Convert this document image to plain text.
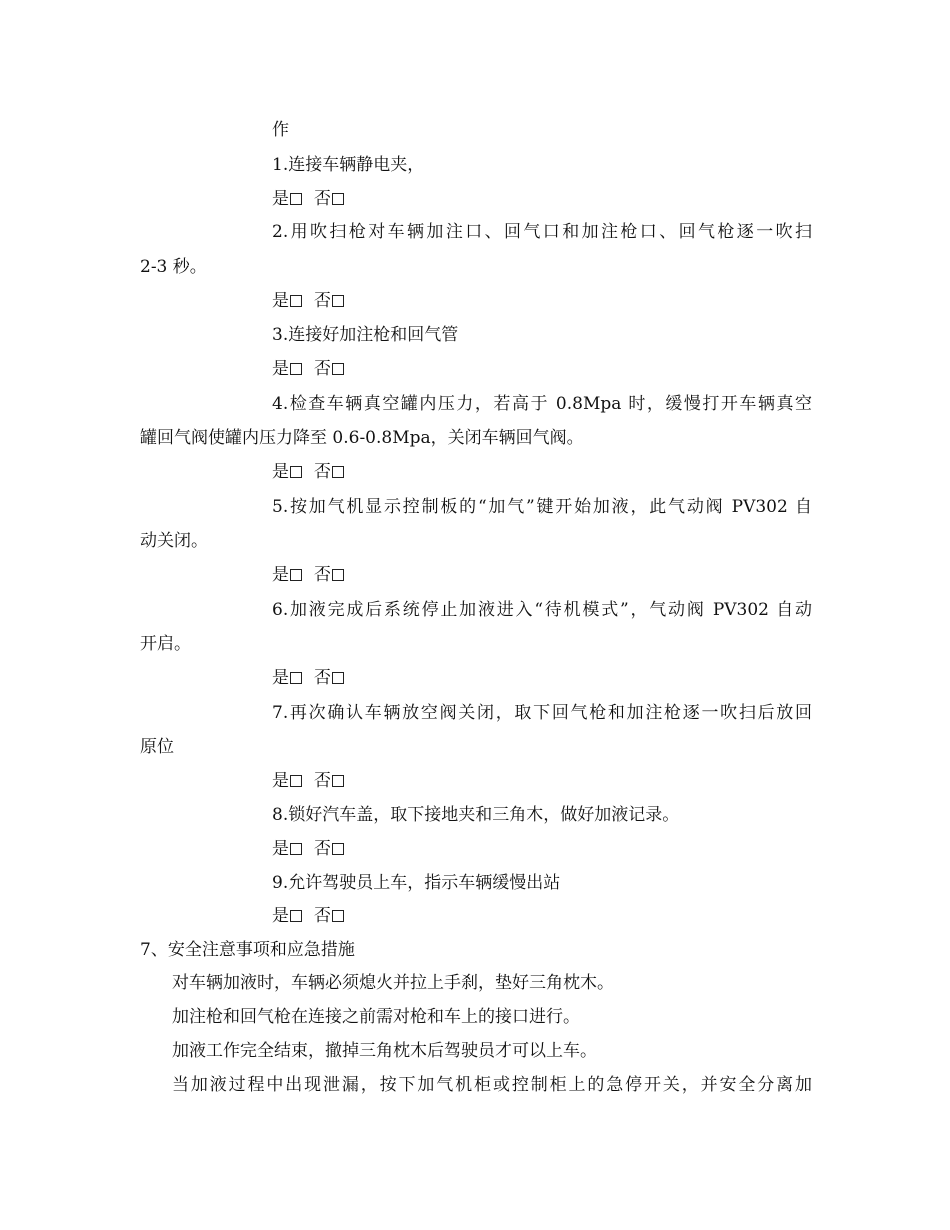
作
1.连接车辆静电夹，
是 否
2.用吹扫枪对车辆加注口、回气口和加注枪口、回气枪逐一吹扫
2-3 秒。
是 否
3.连接好加注枪和回气管
是 否
4.检查车辆真空罐内压力，若高于 0.8Mpa 时，缓慢打开车辆真空
罐回气阀使罐内压力降至 0.6-0.8Mpa，关闭车辆回气阀。
是 否
5.按加气机显示控制板的“加气”键开始加液，此气动阀 PV302 自
动关闭。
是 否
6.加液完成后系统停止加液进入“待机模式”，气动阀 PV302 自动
开启。
是 否
7.再次确认车辆放空阀关闭，取下回气枪和加注枪逐一吹扫后放回
原位
是 否
8.锁好汽车盖，取下接地夹和三角木，做好加液记录。
是 否
9.允许驾驶员上车，指示车辆缓慢出站
是 否
7、安全注意事项和应急措施
对车辆加液时，车辆必须熄火并拉上手刹，垫好三角枕木。
加注枪和回气枪在连接之前需对枪和车上的接口进行。
加液工作完全结束，撤掉三角枕木后驾驶员才可以上车。
当加液过程中出现泄漏，按下加气机柜或控制柜上的急停开关，并安全分离加
